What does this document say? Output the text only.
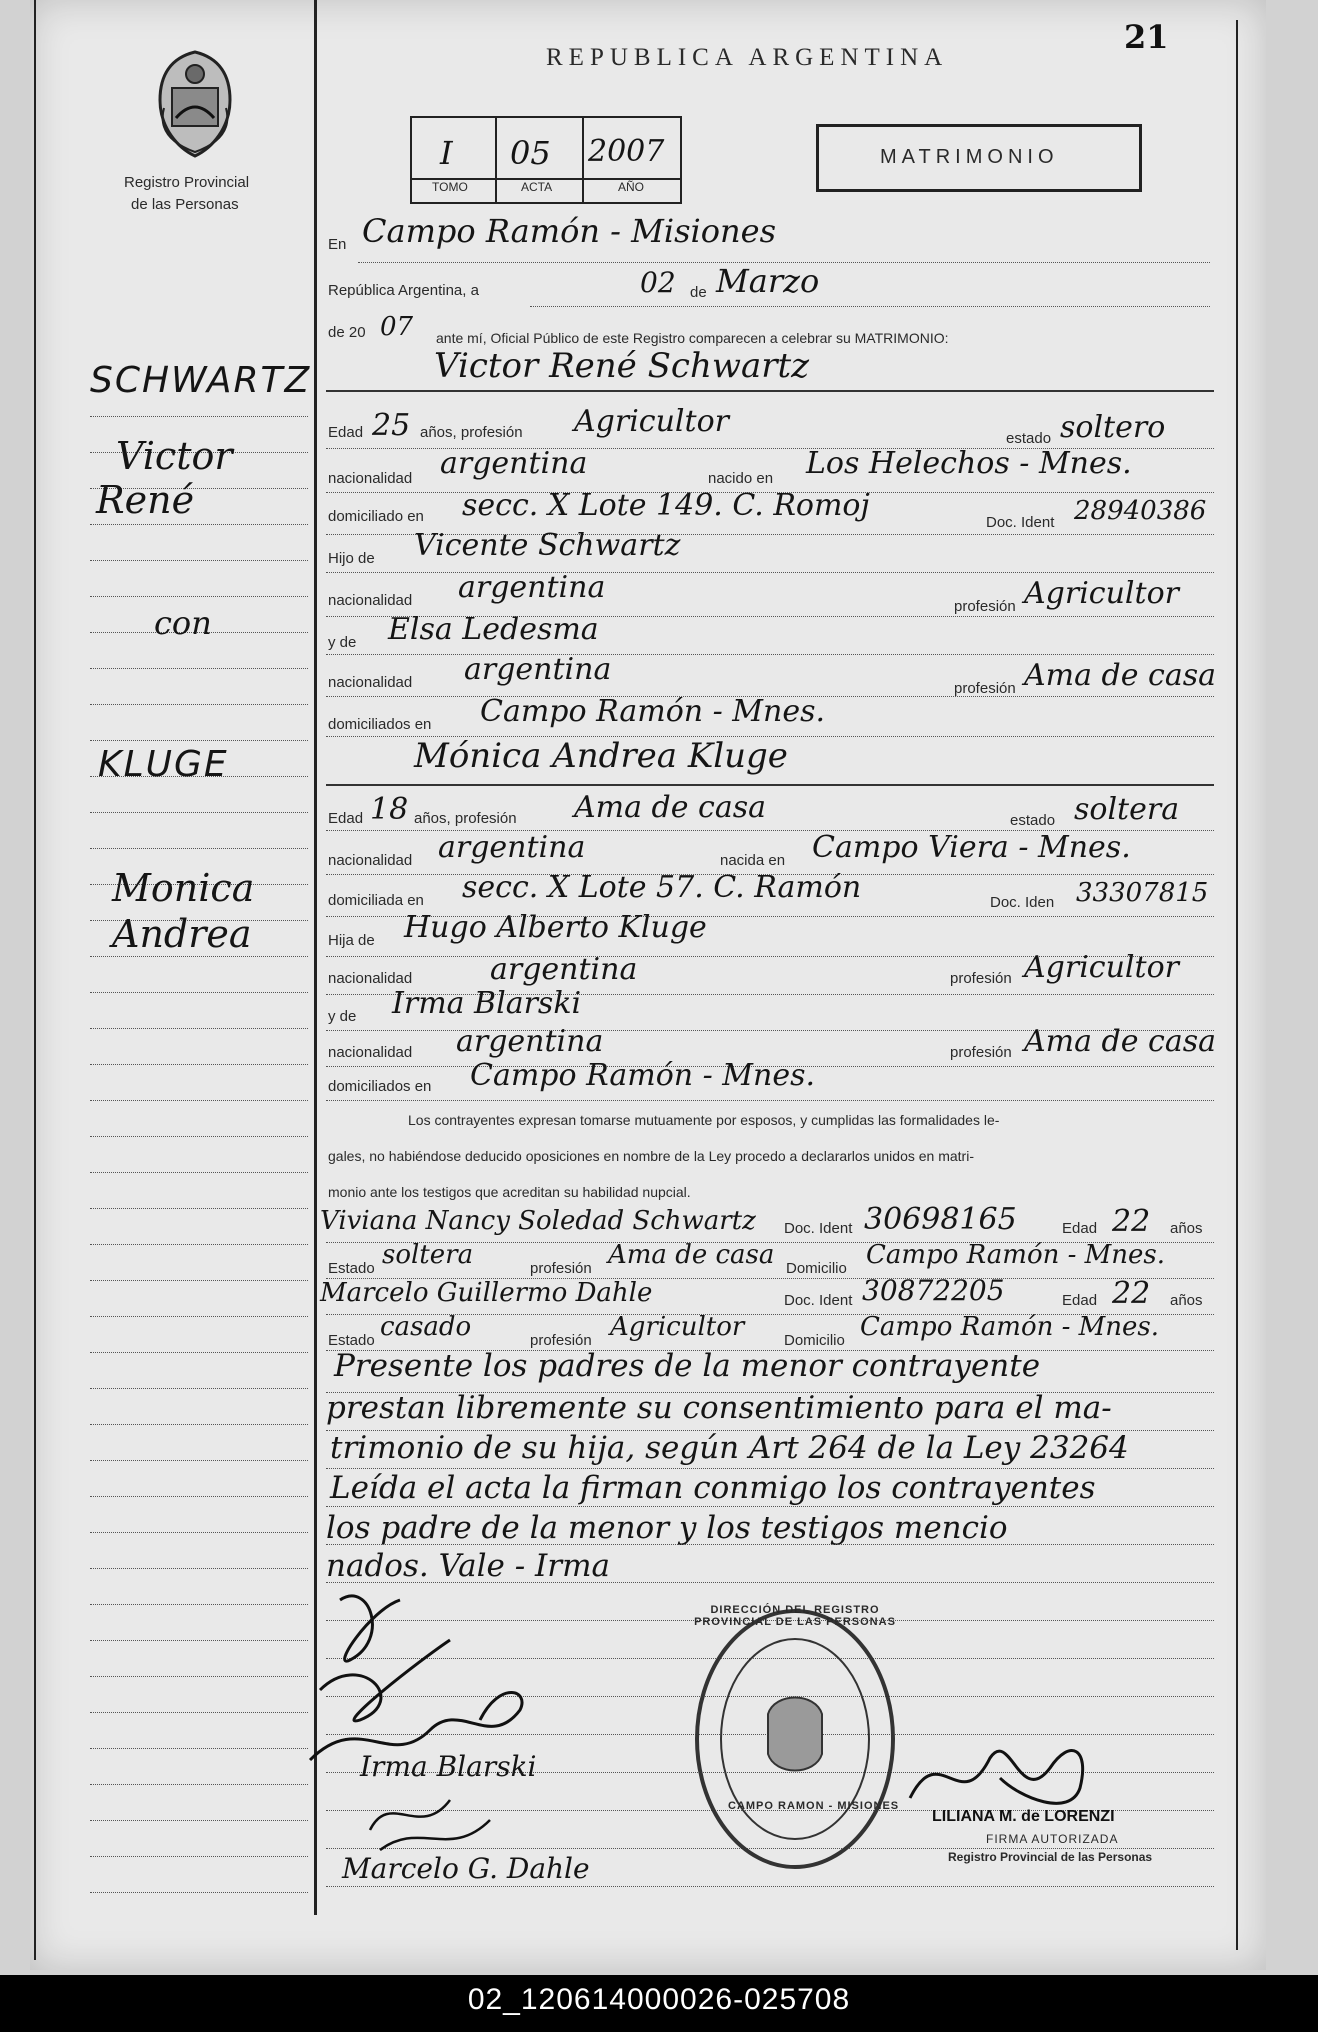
Registro Provincial
de las Personas
REPUBLICA ARGENTINA
21
I 05 2007
TOMO	ACTA	AÑO
MATRIMONIO
En Campo Ramón - Misiones
República Argentina, a	02 de Marzo
de 20 07 ante mí, Oficial Público de este Registro comparecen a celebrar su MATRIMONIO:
SCHWARTZ
Victor
René
con
KLUGE
Monica
Andrea
Victor René Schwartz
Edad 25 años, profesión Agricultor	estado soltero
nacionalidad argentina	nacido en Los Helechos - Mnes.
domiciliado en secc. X Lote 149. C. Romoj	Doc. Ident 28940386
Hijo de Vicente Schwartz
nacionalidad argentina
profesión Agricultor
y de Elsa Ledesma
nacionalidad argentina
profesión Ama de casa
domiciliados en Campo Ramón - Mnes.
Mónica Andrea Kluge
Edad 18 años, profesión Ama de casa	estado soltera
nacionalidad argentina	nacida en Campo Viera - Mnes.
domiciliada en secc. X Lote 57. C. Ramón	Doc. Iden 33307815
Hija de Hugo Alberto Kluge
nacionalidad	argentina	profesión Agricultor
y de Irma Blarski
nacionalidad argentina	profesión Ama de casa
domiciliados en Campo Ramón - Mnes.
Los contrayentes expresan tomarse mutuamente por esposos, y cumplidas las formalidades le-
gales, no habiéndose deducido oposiciones en nombre de la Ley procedo a declararlos unidos en matri-
monio ante los testigos que acreditan su habilidad nupcial.
Viviana Nancy Soledad Schwartz Doc. Ident 30698165	Edad 22 años
Estado soltera	profesión Ama de casa Domicilio Campo Ramón - Mnes.
Marcelo Guillermo Dahle	Doc. Ident 30872205	Edad 22 años
Estado casado	profesión Agricultor	Domicilio Campo Ramón - Mnes.
Presente los padres de la menor contrayente
prestan libremente su consentimiento para el ma-
trimonio de su hija, según Art 264 de la Ley 23264
Leída el acta la firman conmigo los contrayentes
los padre de la menor y los testigos mencio
nados. Vale - Irma
Irma Blarski
Marcelo G. Dahle
DIRECCIÓN DEL REGISTRO PROVINCIAL DE LAS PERSONAS
CAMPO RAMON - MISIONES
LILIANA M. de LORENZI
FIRMA AUTORIZADA
Registro Provincial de las Personas
02_120614000026-025708
